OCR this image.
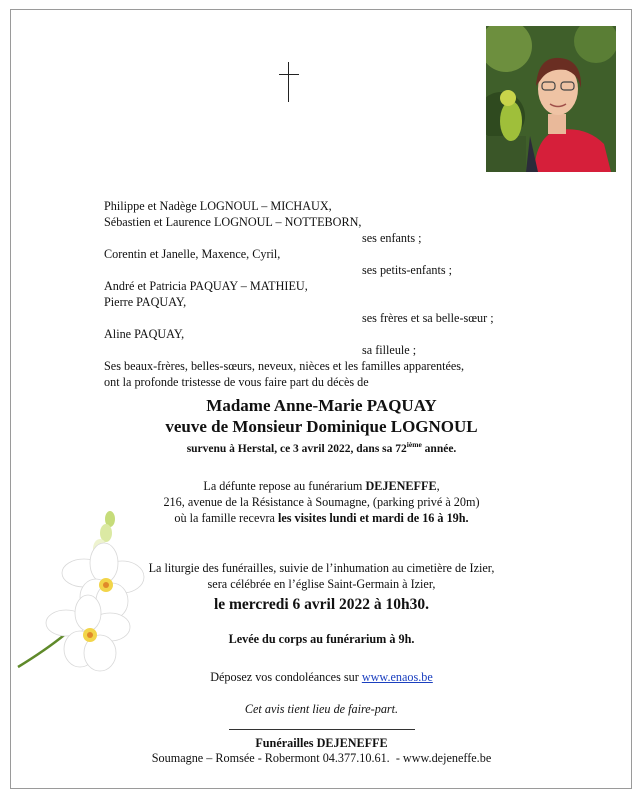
Philippe et Nadège LOGNOUL – MICHAUX,
Sébastien et Laurence LOGNOUL – NOTTEBORN,
ses enfants ;
Corentin et Janelle, Maxence, Cyril,
ses petits-enfants ;
André et Patricia PAQUAY – MATHIEU,
Pierre PAQUAY,
ses frères et sa belle-sœur ;
Aline PAQUAY,
sa filleule ;
Ses beaux-frères, belles-sœurs, neveux, nièces et les familles apparentées,
ont la profonde tristesse de vous faire part du décès de
Madame Anne-Marie PAQUAY
veuve de Monsieur Dominique LOGNOUL
survenu à Herstal, ce 3 avril 2022, dans sa 72ième année.
La défunte repose au funérarium DEJENEFFE,
216, avenue de la Résistance à Soumagne, (parking privé à 20m)
où la famille recevra les visites lundi et mardi de 16 à 19h.
La liturgie des funérailles, suivie de l’inhumation au cimetière de Izier,
sera célébrée en l’église Saint-Germain à Izier,
le mercredi 6 avril 2022 à 10h30.
Levée du corps au funérarium à 9h.
Déposez vos condoléances sur www.enaos.be
Cet avis tient lieu de faire-part.
Funérailles DEJENEFFE
Soumagne – Romsée - Robermont 04.377.10.61.  - www.dejeneffe.be
